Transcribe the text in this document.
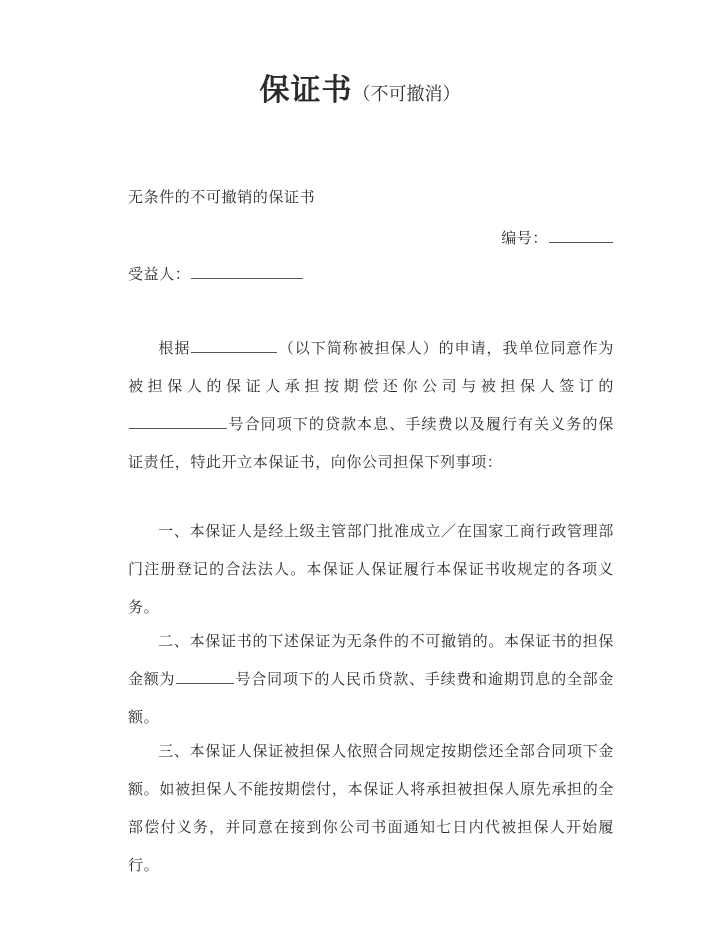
保证书（不可撤消）
无条件的不可撤销的保证书
编号：
受益人：
根据	（以下简称被担保人）的申请，我单位同意作为被担保人的保证人承担按期偿还你公司与被担保人签订的号合同项下的贷款本息、手续费以及履行有关义务的保证责任，特此开立本保证书，向你公司担保下列事项：
一、本保证人是经上级主管部门批准成立／在国家工商行政管理部门注册登记的合法法人。本保证人保证履行本保证书收规定的各项义务。
二、本保证书的下述保证为无条件的不可撤销的。本保证书的担保金额为	号合同项下的人民币贷款、手续费和逾期罚息的全部金额。
三、本保证人保证被担保人依照合同规定按期偿还全部合同项下金额。如被担保人不能按期偿付，本保证人将承担被担保人原先承担的全部偿付义务，并同意在接到你公司书面通知七日内代被担保人开始履行。
